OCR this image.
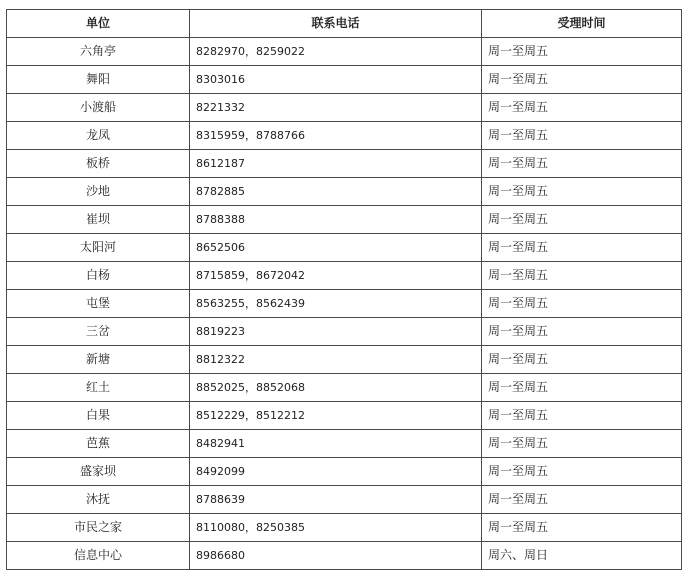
单位	联系电话	受理时间
六角亭	8282970，8259022	周一至周五
舞阳	8303016	周一至周五
小渡船	8221332	周一至周五
龙凤	8315959，8788766	周一至周五
板桥	8612187	周一至周五
沙地	8782885	周一至周五
崔坝	8788388	周一至周五
太阳河	8652506	周一至周五
白杨	8715859，8672042	周一至周五
屯堡	8563255，8562439	周一至周五
三岔	8819223	周一至周五
新塘	8812322	周一至周五
红土	8852025，8852068	周一至周五
白果	8512229，8512212	周一至周五
芭蕉	8482941	周一至周五
盛家坝	8492099	周一至周五
沐抚	8788639	周一至周五
市民之家	8110080，8250385	周一至周五
信息中心	8986680	周六、周日
